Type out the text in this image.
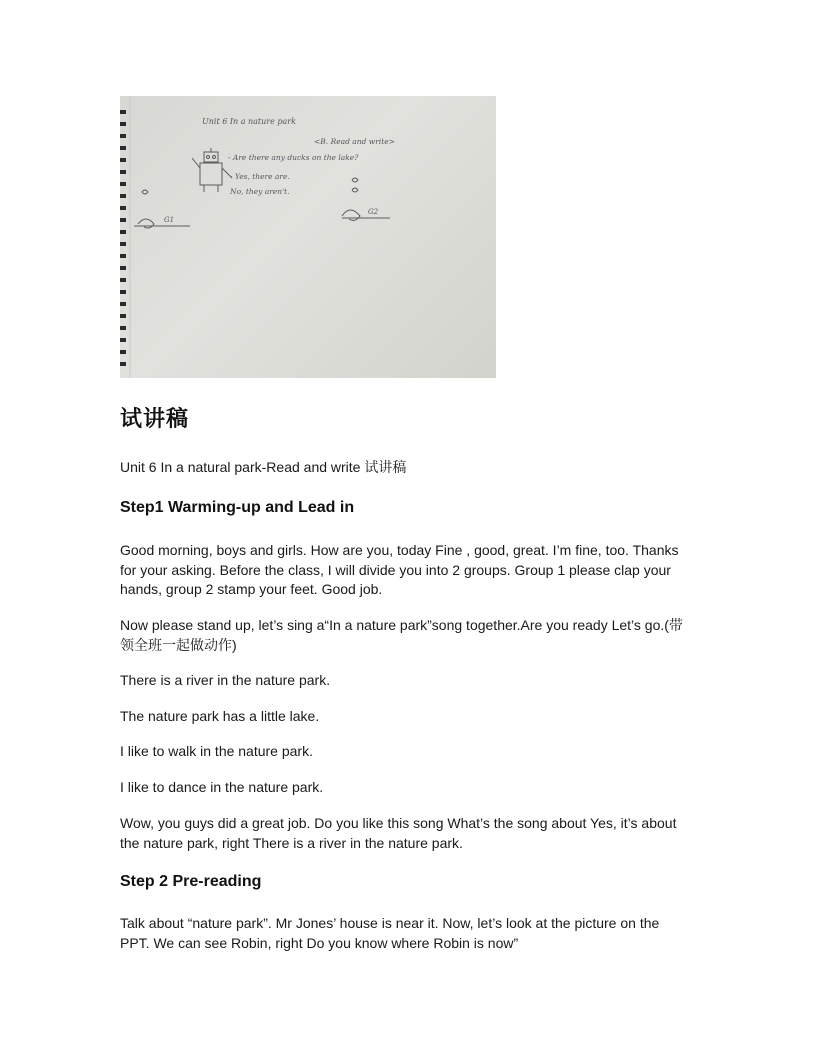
Unit 6 In a nature park
<B. Read and write>
- Are there any ducks on the lake?
- Yes, there are.
No, they aren't.
G1
G2
试讲稿
Unit 6 In a natural park-Read and write 试讲稿
Step1 Warming-up and Lead in
Good morning, boys and girls. How are you, today Fine , good, great. I’m fine, too. Thanks for your asking. Before the class, I will divide you into 2 groups. Group 1 please clap your hands, group 2 stamp your feet. Good job.
Now please stand up, let’s sing a“In a nature park”song together.Are you ready Let’s go.(带领全班一起做动作)
There is a river in the nature park.
The nature park has a little lake.
I like to walk in the nature park.
I like to dance in the nature park.
Wow, you guys did a great job. Do you like this song What’s the song about Yes, it’s about the nature park, right There is a river in the nature park.
Step 2 Pre-reading
Talk about “nature park”. Mr Jones’ house is near it. Now, let’s look at the picture on the PPT. We can see Robin, right Do you know where Robin is now”
